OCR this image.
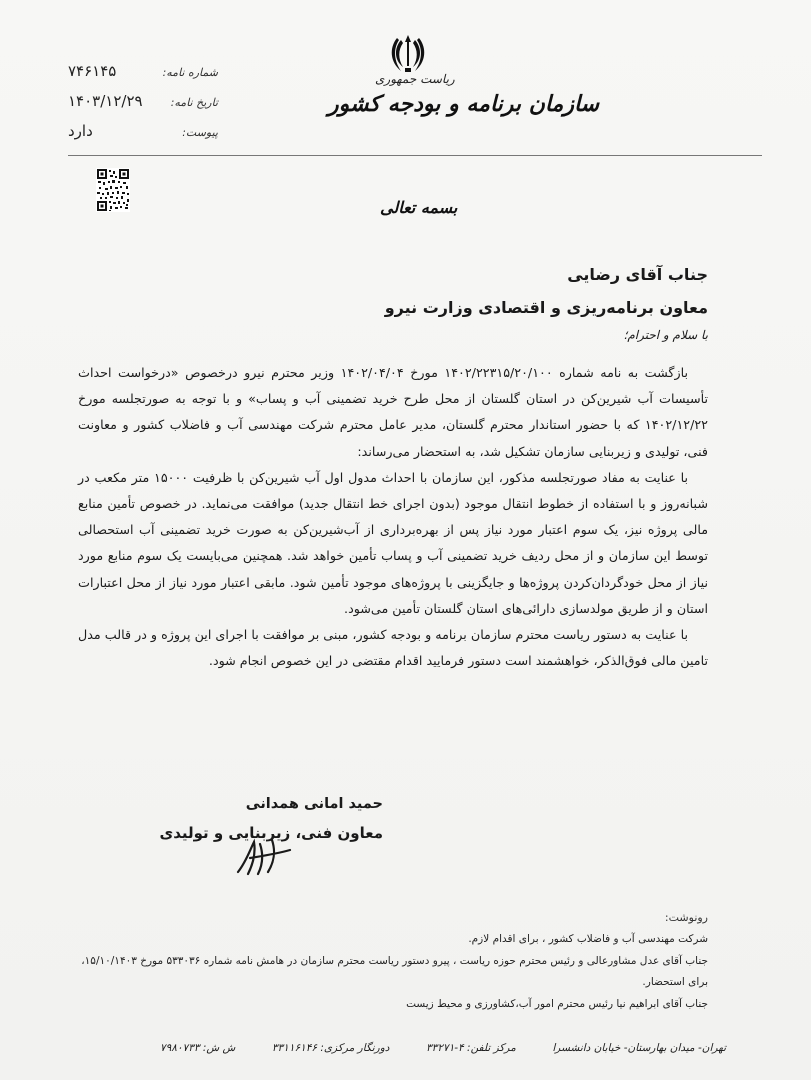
شماره نامه:
۷۴۶۱۴۵
تاریخ نامه:
۱۴۰۳/۱۲/۲۹
پیوست:
دارد
ریاست جمهوری
سازمان برنامه و بودجه کشور
بسمه تعالی
جناب آقای رضایی
معاون برنامه‌ریزی و اقتصادی وزارت نیرو
با سلام و احترام؛

بازگشت به نامه شماره ۱۴۰۲/۲۲۳۱۵/۲۰/۱۰۰ مورخ ۱۴۰۲/۰۴/۰۴ وزیر محترم نیرو درخصوص «درخواست احداث تأسیسات آب شیرین‌کن در استان گلستان از محل طرح خرید تضمینی آب و پساب» و با توجه به صورتجلسه مورخ ۱۴۰۲/۱۲/۲۲ که با حضور استاندار محترم گلستان، مدیر عامل محترم شرکت مهندسی آب و فاضلاب کشور و معاونت فنی، تولیدی و زیربنایی سازمان تشکیل شد، به استحضار می‌رساند:

با عنایت به مفاد صورتجلسه مذکور، این سازمان با احداث مدول اول آب شیرین‌کن با ظرفیت ۱۵۰۰۰ متر مکعب در شبانه‌روز و با استفاده از خطوط انتقال موجود (بدون اجرای خط انتقال جدید) موافقت می‌نماید. در خصوص تأمین منابع مالی پروژه نیز، یک سوم اعتبار مورد نیاز پس از بهره‌برداری از آب‌شیرین‌کن به صورت خرید تضمینی آب استحصالی توسط این سازمان و از محل ردیف خرید تضمینی آب و پساب تأمین خواهد شد. همچنین می‌بایست یک سوم منابع مورد نیاز از محل خودگردان‌کردن پروژه‌ها و جایگزینی با پروژه‌های موجود تأمین شود. مابقی اعتبار مورد نیاز از محل اعتبارات استان و از طریق مولدسازی دارائی‌های استان گلستان تأمین می‌شود.

با عنایت به دستور ریاست محترم سازمان برنامه و بودجه کشور، مبنی بر موافقت با اجرای این پروژه و در قالب مدل تامین مالی فوق‌الذکر، خواهشمند است دستور فرمایید اقدام مقتضی در این خصوص انجام شود.

حمید امانی همدانی
معاون فنی، زیربنایی و تولیدی
رونوشت:
شرکت مهندسی آب و فاضلاب کشور ، برای اقدام لازم.
جناب آقای عدل مشاورعالی و رئیس محترم حوزه ریاست ، پیرو دستور ریاست محترم سازمان در هامش نامه شماره ۵۳۳۰۳۶ مورخ ۱۵/۱۰/۱۴۰۳،
برای استحضار.
جناب آقای ابراهیم نیا رئیس محترم امور آب،کشاورزی و محیط زیست
تهران- میدان بهارستان- خیابان دانشسرا
مرکز تلفن: ۴-۳۳۲۷۱
دورنگار مرکزی: ۳۳۱۱۶۱۴۶
ش ش: ۷۹۸۰۷۳۳
